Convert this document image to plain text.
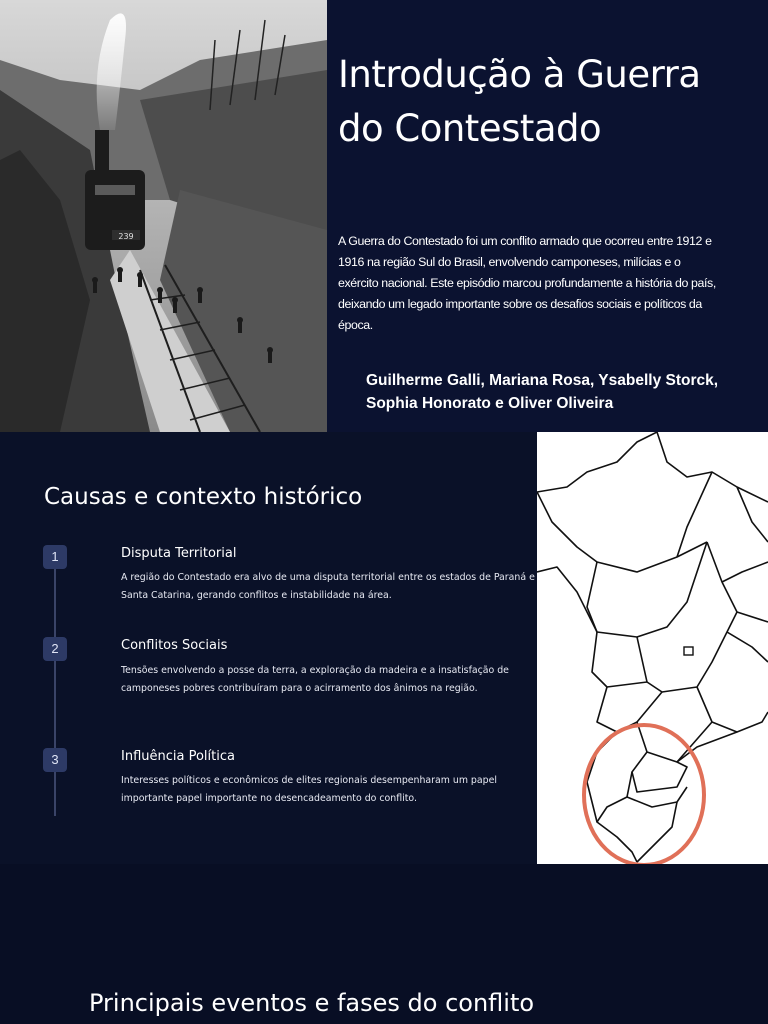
239
Introdução à Guerra do Contestado

A Guerra do Contestado foi um conflito armado que ocorreu entre 1912 e 1916 na região Sul do Brasil, envolvendo camponeses, milícias e o exército nacional. Este episódio marcou profundamente a história do país, deixando um legado importante sobre os desafios sociais e políticos da época.

Guilherme Galli, Mariana Rosa, Ysabelly Storck, Sophia Honorato e Oliver Oliveira

Causas e contexto histórico
1	Disputa Territorial

A região do Contestado era alvo de uma disputa territorial entre os estados de Paraná e Santa Catarina, gerando conflitos e instabilidade na área.

2	Conflitos Sociais

Tensões envolvendo a posse da terra, a exploração da madeira e a insatisfação de camponeses pobres contribuíram para o acirramento dos ânimos na região.

3	Influência Política

Interesses políticos e econômicos de elites regionais desempenharam um papel importante papel importante no desencadeamento do conflito.

Principais eventos e fases do conflito
